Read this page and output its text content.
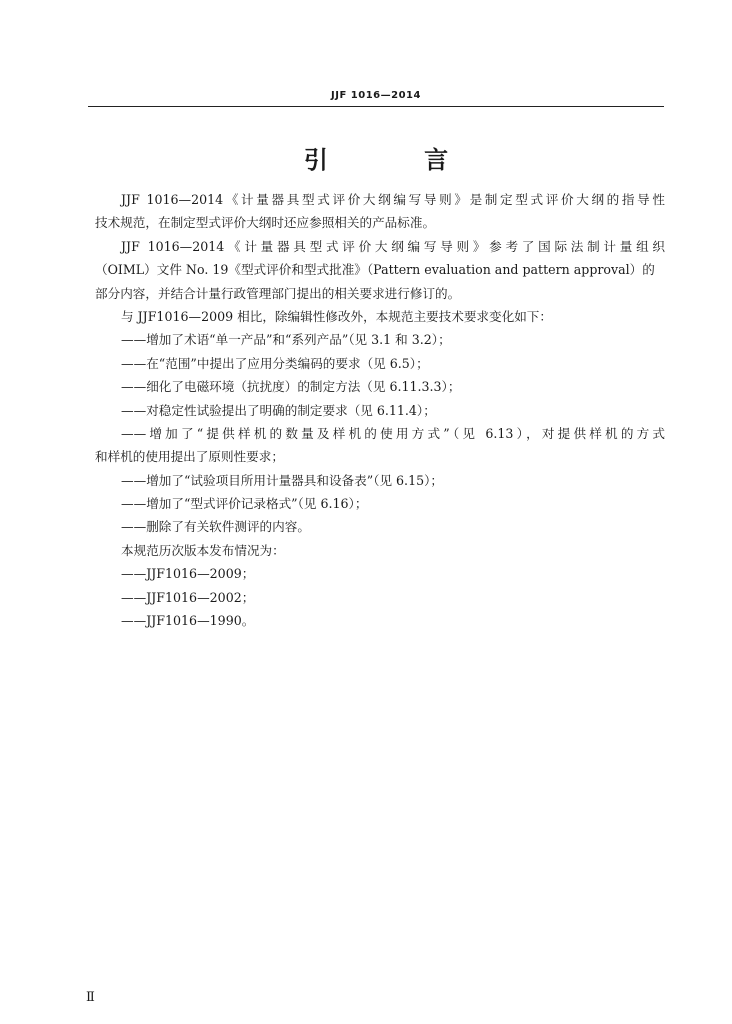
JJF 1016—2014
引 言
JJF 1016—2014《计量器具型式评价大纲编写导则》是制定型式评价大纲的指导性
技术规范，在制定型式评价大纲时还应参照相关的产品标准。
JJF 1016—2014《计量器具型式评价大纲编写导则》参考了国际法制计量组织
（OIML）文件 No. 19《型式评价和型式批准》（Pattern evaluation and pattern approval）的
部分内容，并结合计量行政管理部门提出的相关要求进行修订的。
与 JJF1016—2009 相比，除编辑性修改外，本规范主要技术要求变化如下：
——增加了术语“单一产品”和“系列产品”（见 3.1 和 3.2）；
——在“范围”中提出了应用分类编码的要求（见 6.5）；
——细化了电磁环境（抗扰度）的制定方法（见 6.11.3.3）；
——对稳定性试验提出了明确的制定要求（见 6.11.4）；
——增加了“提供样机的数量及样机的使用方式”（见 6.13），对提供样机的方式
和样机的使用提出了原则性要求；
——增加了“试验项目所用计量器具和设备表”（见 6.15）；
——增加了“型式评价记录格式”（见 6.16）；
——删除了有关软件测评的内容。
本规范历次版本发布情况为：
——JJF1016—2009；
——JJF1016—2002；
——JJF1016—1990。
Ⅱ
